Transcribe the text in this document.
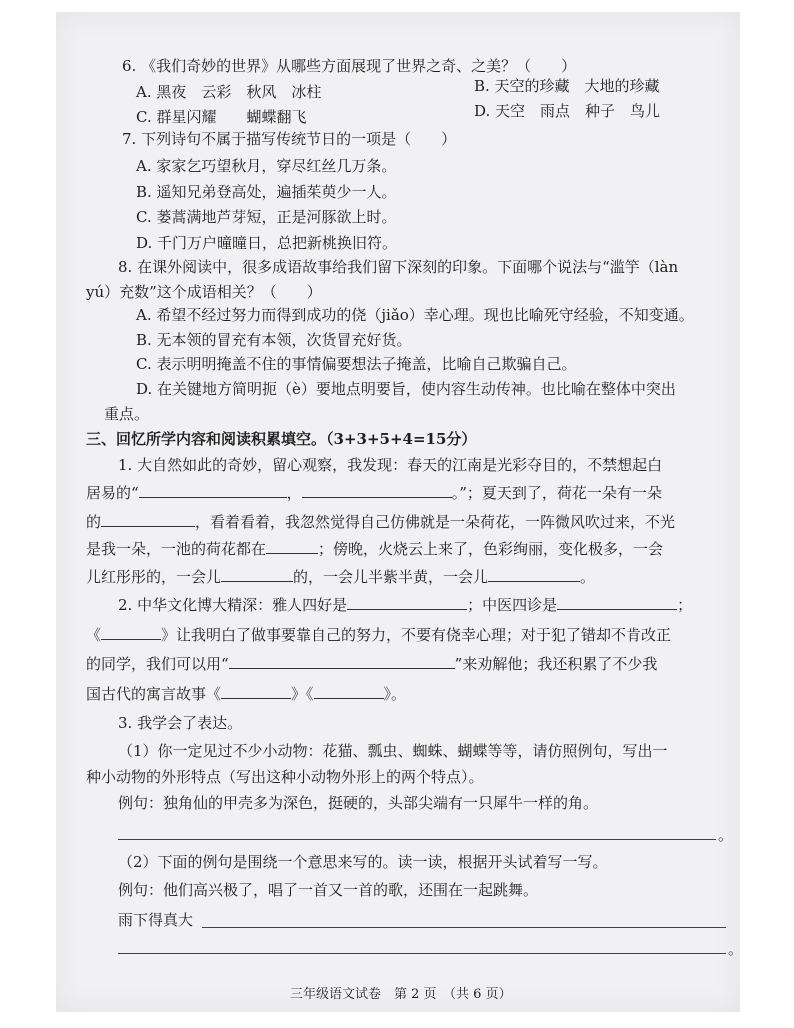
6. 《我们奇妙的世界》从哪些方面展现了世界之奇、之美？（　　）
A. 黑夜　云彩　秋风　冰柱	B. 天空的珍藏　大地的珍藏
C. 群星闪耀　　蝴蝶翻飞	D. 天空　雨点　种子　鸟儿
7. 下列诗句不属于描写传统节日的一项是（　　）
A. 家家乞巧望秋月，穿尽红丝几万条。
B. 遥知兄弟登高处，遍插茱萸少一人。
C. 蒌蒿满地芦芽短，正是河豚欲上时。
D. 千门万户曈曈日，总把新桃换旧符。
8. 在课外阅读中，很多成语故事给我们留下深刻的印象。下面哪个说法与“滥竽（làn
yú）充数”这个成语相关？（　　）
A. 希望不经过努力而得到成功的侥（jiǎo）幸心理。现也比喻死守经验，不知变通。
B. 无本领的冒充有本领，次货冒充好货。
C. 表示明明掩盖不住的事情偏要想法子掩盖，比喻自己欺骗自己。
D. 在关键地方简明扼（è）要地点明要旨，使内容生动传神。也比喻在整体中突出
重点。
三、回忆所学内容和阅读积累填空。（3+3+5+4=15分）
1. 大自然如此的奇妙，留心观察，我发现：春天的江南是光彩夺目的，不禁想起白
居易的“	，	。”；夏天到了，荷花一朵有一朵
的	，看着看着，我忽然觉得自己仿佛就是一朵荷花，一阵微风吹过来，不光
是我一朵，一池的荷花都在	；傍晚，火烧云上来了，色彩绚丽，变化极多，一会
儿红彤彤的，一会儿	的，一会儿半紫半黄，一会儿	。
2. 中华文化博大精深：雅人四好是	；中医四诊是	；
《	》让我明白了做事要靠自己的努力，不要有侥幸心理；对于犯了错却不肯改正
的同学，我们可以用“	”来劝解他；我还积累了不少我
国古代的寓言故事《	》《	》。
3. 我学会了表达。
（1）你一定见过不少小动物：花猫、瓢虫、蜘蛛、蝴蝶等等，请仿照例句，写出一
种小动物的外形特点（写出这种小动物外形上的两个特点）。
例句：独角仙的甲壳多为深色，挺硬的，头部尖端有一只犀牛一样的角。
。
（2）下面的例句是围绕一个意思来写的。读一读，根据开头试着写一写。
例句：他们高兴极了，唱了一首又一首的歌，还围在一起跳舞。
雨下得真大
。
三年级语文试卷　第 2 页　（共 6 页）
